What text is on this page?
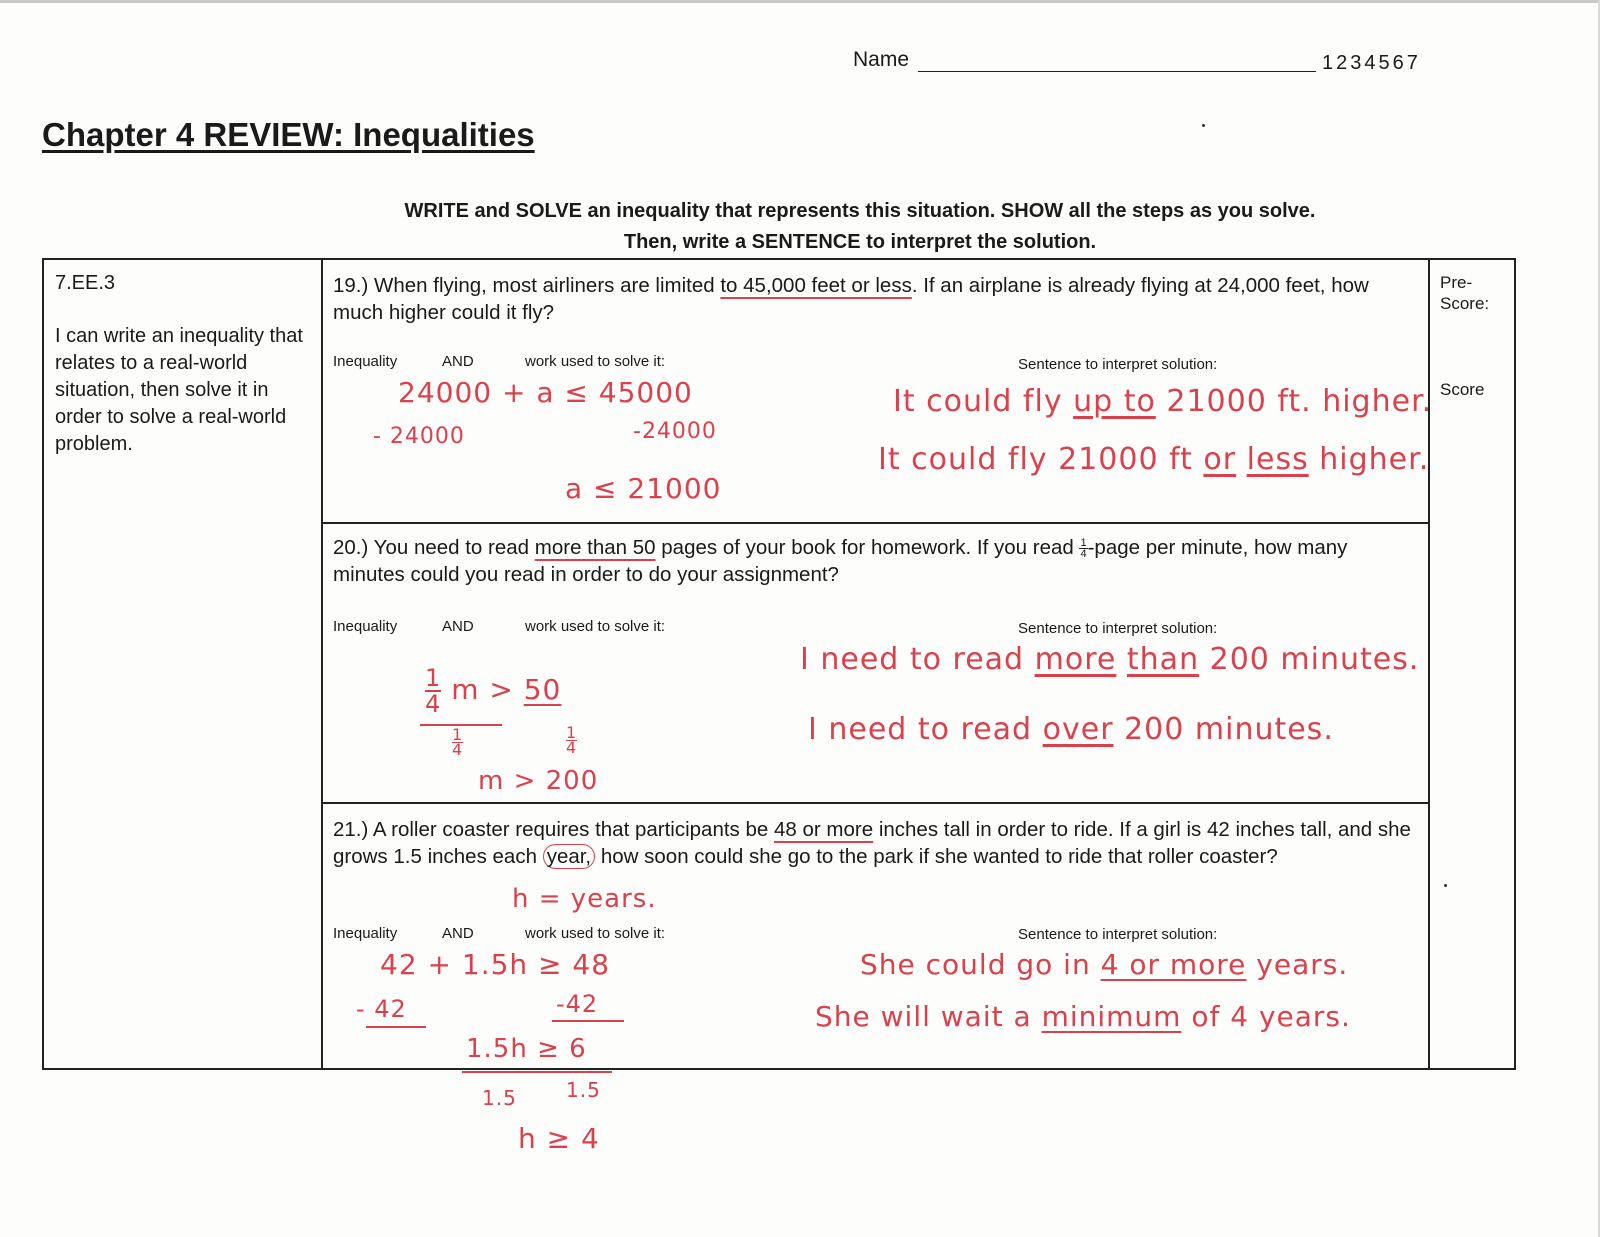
Name	1234567
Chapter 4 REVIEW: Inequalities
WRITE and SOLVE an inequality that represents this situation. SHOW all the steps as you solve.
Then, write a SENTENCE to interpret the solution.
7.EE.3
I can write an inequality that relates to a real-world situation, then solve it in order to solve a real-world problem.
Pre-
Score:
Score
19.) When flying, most airliners are limited to 45,000 feet or less. If an airplane is already flying at 24,000 feet, how much higher could it fly?
Inequality	AND	work used to solve it:	Sentence to interpret solution:
24000 + a ≤ 45000
- 24000	-24000
a ≤ 21000
It could fly up to 21000 ft. higher.
It could fly 21000 ft or less higher.
20.) You need to read more than 50 pages of your book for homework. If you read $\frac{1}{4}$ -page per minute, how many minutes could you read in order to do your assignment?
Inequality	AND	work used to solve it:	Sentence to interpret solution:
$\frac{1}{4}$ m > 50
$\frac{1}{4}$	$\frac{1}{4}$
m > 200
I need to read more than 200 minutes.
I need to read over 200 minutes.
21.) A roller coaster requires that participants be 48 or more inches tall in order to ride. If a girl is 42 inches tall, and she grows 1.5 inches each year, how soon could she go to the park if she wanted to ride that roller coaster?
h = years.
Inequality	AND	work used to solve it:	Sentence to interpret solution:
42 + 1.5h ≥ 48
- 42	-42
1.5h ≥ 6
1.5 1.5
h ≥ 4
She could go in 4 or more years.
She will wait a minimum of 4 years.
